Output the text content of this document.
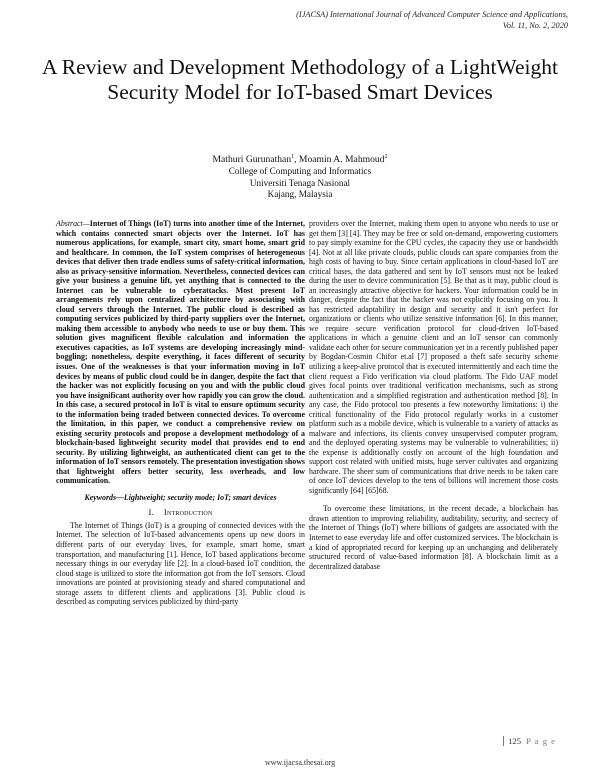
(IJACSA) International Journal of Advanced Computer Science and Applications,
Vol. 11, No. 2, 2020
A Review and Development Methodology of a LightWeight Security Model for IoT-based Smart Devices
Mathuri Gurunathan$^1$, Moamin A. Mahmoud$^2$
College of Computing and Informatics
Universiti Tenaga Nasional
Kajang, Malaysia

Abstract—Internet of Things (IoT) turns into another time of the Internet, which contains connected smart objects over the Internet. IoT has numerous applications, for example, smart city, smart home, smart grid and healthcare. In common, the IoT system comprises of heterogeneous devices that deliver then trade endless sums of safety-critical information, also as privacy-sensitive information. Nevertheless, connected devices can give your business a genuine lift, yet anything that is connected to the Internet can be vulnerable to cyberattacks. Most present IoT arrangements rely upon centralized architecture by associating with cloud servers through the Internet. The public cloud is described as computing services publicized by third-party suppliers over the Internet, making them accessible to anybody who needs to use or buy them. This solution gives magnificent flexible calculation and information the executives capacities, as IoT systems are developing increasingly mind-boggling; nonetheless, despite everything, it faces different of security issues. One of the weaknesses is that your information moving in IoT devices by means of public cloud could be in danger, despite the fact that the hacker was not explicitly focusing on you and with the public cloud you have insignificant authority over how rapidly you can grow the cloud. In this case, a secured protocol in IoT is vital to ensure optimum security to the information being traded between connected devices. To overcome the limitation, in this paper, we conduct a comprehensive review on existing security protocols and propose a development methodology of a blockchain-based lightweight security model that provides end to end security. By utilizing lightweight, an authenticated client can get to the information of IoT sensors remotely. The presentation investigation shows that lightweight offers better security, less overheads, and low communication.

Keywords—Lightweight; security mode; IoT; smart devices

I. Introduction

The Internet of Things (IoT) is a grouping of connected devices with the Internet. The selection of IoT-based advancements opens up new doors in different parts of our everyday lives, for example, smart home, smart transportation, and manufacturing [1]. Hence, IoT based applications become necessary things in our everyday life [2]. In a cloud-based IoT condition, the cloud stage is utilized to store the information got from the IoT sensors. Cloud innovations are pointed at provisioning steady and shared computational and storage assets to different clients and applications [3]. Public cloud is described as computing services publicized by third-party

providers over the Internet, making them open to anyone who needs to use or get them [3] [4]. They may be free or sold on-demand, empowering customers to pay simply examine for the CPU cycles, the capacity they use or bandwidth [4]. Not at all like private clouds, public clouds can spare companies from the high costs of having to buy. Since certain applications in cloud-based IoT are critical bases, the data gathered and sent by IoT sensors must not be leaked during the user to device communication [5]. Be that as it may, public cloud is an increasingly attractive objective for hackers. Your information could be in danger, despite the fact that the hacker was not explicitly focusing on you. It has restricted adaptability in design and security and it isn't perfect for organizations or clients who utilize sensitive information [6]. In this manner, we require secure verification protocol for cloud-driven IoT-based applications in which a genuine client and an IoT sensor can commonly validate each other for secure communication yet in a recently published paper by Bogdan-Cosmin Chifor et.al [7] proposed a theft safe security scheme utilizing a keep-alive protocol that is executed intermittently and each time the client request a Fido verification via cloud platform. The Fido UAF model gives focal points over traditional verification mechanisms, such as strong authentication and a simplified registration and authentication method [8]. In any case, the Fido protocol too presents a few noteworthy limitations: i) the critical functionality of the Fido protocol regularly works in a customer platform such as a mobile device, which is vulnerable to a variety of attacks as malware and infections, its clients convey unsupervised computer program, and the deployed operating systems may be vulnerable to vulnerabilities; ii) the expense is additionally costly on account of the high foundation and support cost related with unified mists, huge server cultivates and organizing hardware. The sheer sum of communications that drive needs to be taken care of once IoT devices develop to the tens of billions will increment those costs significantly [64] [65]68.

To overcome these limitations, in the recent decade, a blockchain has drawn attention to improving reliability, auditability, security, and secrecy of the Internet of Things (IoT) where billions of gadgets are associated with the Internet to ease everyday life and offer customized services. The blockchain is a kind of appropriated record for keeping up an unchanging and deliberately structured record of value-based information [8]. A blockchain limit as a decentralized database

125 P a g e
www.ijacsa.thesai.org
